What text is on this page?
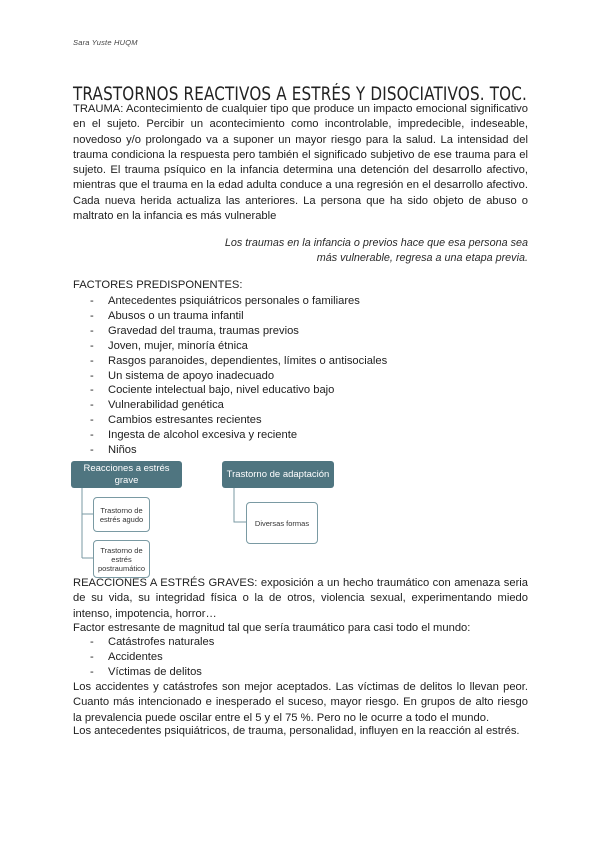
Sara Yuste HUQM
TRASTORNOS REACTIVOS A ESTRÉS Y DISOCIATIVOS. TOC.

TRAUMA: Acontecimiento de cualquier tipo que produce un impacto emocional significativo en el sujeto. Percibir un acontecimiento como incontrolable, impredecible, indeseable, novedoso y/o prolongado va a suponer un mayor riesgo para la salud. La intensidad del trauma condiciona la respuesta pero también el significado subjetivo de ese trauma para el sujeto. El trauma psíquico en la infancia determina una detención del desarrollo afectivo, mientras que el trauma en la edad adulta conduce a una regresión en el desarrollo afectivo. Cada nueva herida actualiza las anteriores. La persona que ha sido objeto de abuso o maltrato en la infancia es más vulnerable

Los traumas en la infancia o previos hace que esa persona sea más vulnerable, regresa a una etapa previa.

FACTORES PREDISPONENTES:

- Antecedentes psiquiátricos personales o familiares
- Abusos o un trauma infantil
- Gravedad del trauma, traumas previos
- Joven, mujer, minoría étnica
- Rasgos paranoides, dependientes, límites o antisociales
- Un sistema de apoyo inadecuado
- Cociente intelectual bajo, nivel educativo bajo
- Vulnerabilidad genética
- Cambios estresantes recientes
- Ingesta de alcohol excesiva y reciente
- Niños
Reacciones a estrés grave
Trastorno de estrés agudo
Trastorno de estrés postraumático
Trastorno de adaptación
Diversas formas

REACCIONES A ESTRÉS GRAVES: exposición a un hecho traumático con amenaza seria de su vida, su integridad física o la de otros, violencia sexual, experimentando miedo intenso, impotencia, horror…

Factor estresante de magnitud tal que sería traumático para casi todo el mundo:

- Catástrofes naturales
- Accidentes
- Víctimas de delitos

Los accidentes y catástrofes son mejor aceptados. Las víctimas de delitos lo llevan peor. Cuanto más intencionado e inesperado el suceso, mayor riesgo. En grupos de alto riesgo la prevalencia puede oscilar entre el 5 y el 75 %. Pero no le ocurre a todo el mundo.

Los antecedentes psiquiátricos, de trauma, personalidad, influyen en la reacción al estrés.
